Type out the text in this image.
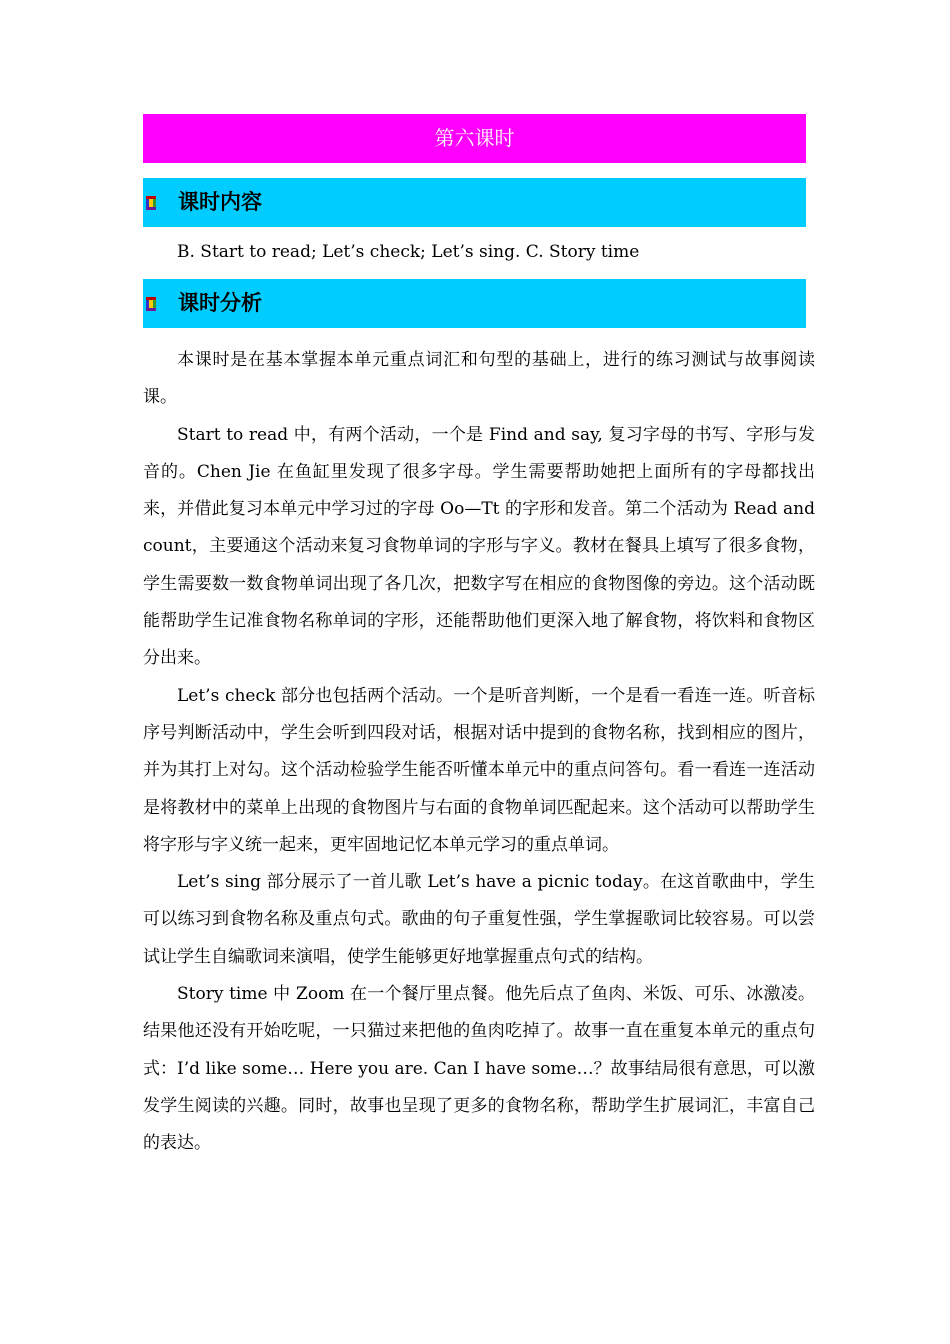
第六课时
课时内容
B. Start to read; Let’s check; Let’s sing. C. Story time
课时分析

本课时是在基本掌握本单元重点词汇和句型的基础上，进行的练习测试与故事阅读课。

Start to read 中，有两个活动，一个是 Find and say, 复习字母的书写、字形与发音的。Chen Jie 在鱼缸里发现了很多字母。学生需要帮助她把上面所有的字母都找出来，并借此复习本单元中学习过的字母 Oo—Tt 的字形和发音。第二个活动为 Read and count，主要通这个活动来复习食物单词的字形与字义。教材在餐具上填写了很多食物，学生需要数一数食物单词出现了各几次，把数字写在相应的食物图像的旁边。这个活动既能帮助学生记准食物名称单词的字形，还能帮助他们更深入地了解食物，将饮料和食物区分出来。

Let’s check 部分也包括两个活动。一个是听音判断，一个是看一看连一连。听音标序号判断活动中，学生会听到四段对话，根据对话中提到的食物名称，找到相应的图片，并为其打上对勾。这个活动检验学生能否听懂本单元中的重点问答句。看一看连一连活动是将教材中的菜单上出现的食物图片与右面的食物单词匹配起来。这个活动可以帮助学生将字形与字义统一起来，更牢固地记忆本单元学习的重点单词。

Let’s sing 部分展示了一首儿歌 Let’s have a picnic today。在这首歌曲中，学生可以练习到食物名称及重点句式。歌曲的句子重复性强，学生掌握歌词比较容易。可以尝试让学生自编歌词来演唱，使学生能够更好地掌握重点句式的结构。

Story time 中 Zoom 在一个餐厅里点餐。他先后点了鱼肉、米饭、可乐、冰激凌。结果他还没有开始吃呢，一只猫过来把他的鱼肉吃掉了。故事一直在重复本单元的重点句式：I’d like some… Here you are. Can I have some…？故事结局很有意思，可以激发学生阅读的兴趣。同时，故事也呈现了更多的食物名称，帮助学生扩展词汇，丰富自己的表达。
